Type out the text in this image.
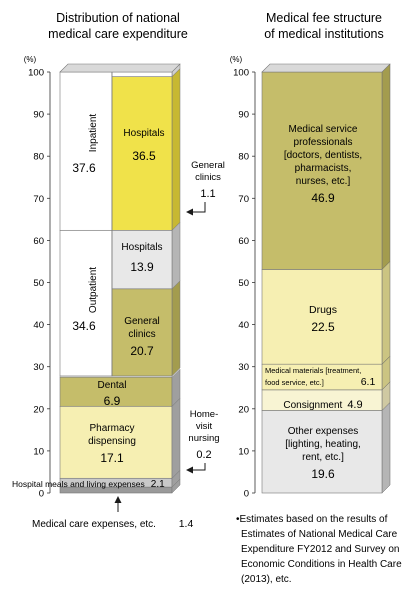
Distribution of national
medical care expenditure
Medical fee structure
of medical institutions
(%)	(%)
0
10
20
30
40
50
60
70
80
90
100
0
10
20
30
40
50
60
70
80
90
100
Inpatient
37.6
Outpatient
34.6
Hospitals
36.5
Hospitals
13.9
General
clinics
20.7
Dental
6.9
Pharmacy
dispensing
17.1
Hospital meals and living expenses 2.1
General
clinics
1.1
Home-
visit
nursing
0.2
Medical care expenses, etc. 1.4
Medical service
professionals
[doctors, dentists,
pharmacists,
nurses, etc.]
46.9
Drugs
22.5
Medical materials [treatment,
food service, etc.]	6.1
Consignment 4.9
Other expenses
[lighting, heating,
rent, etc.]
19.6
•Estimates based on the results of
Estimates of National Medical Care
Expenditure FY2012 and Survey on
Economic Conditions in Health Care
(2013), etc.
